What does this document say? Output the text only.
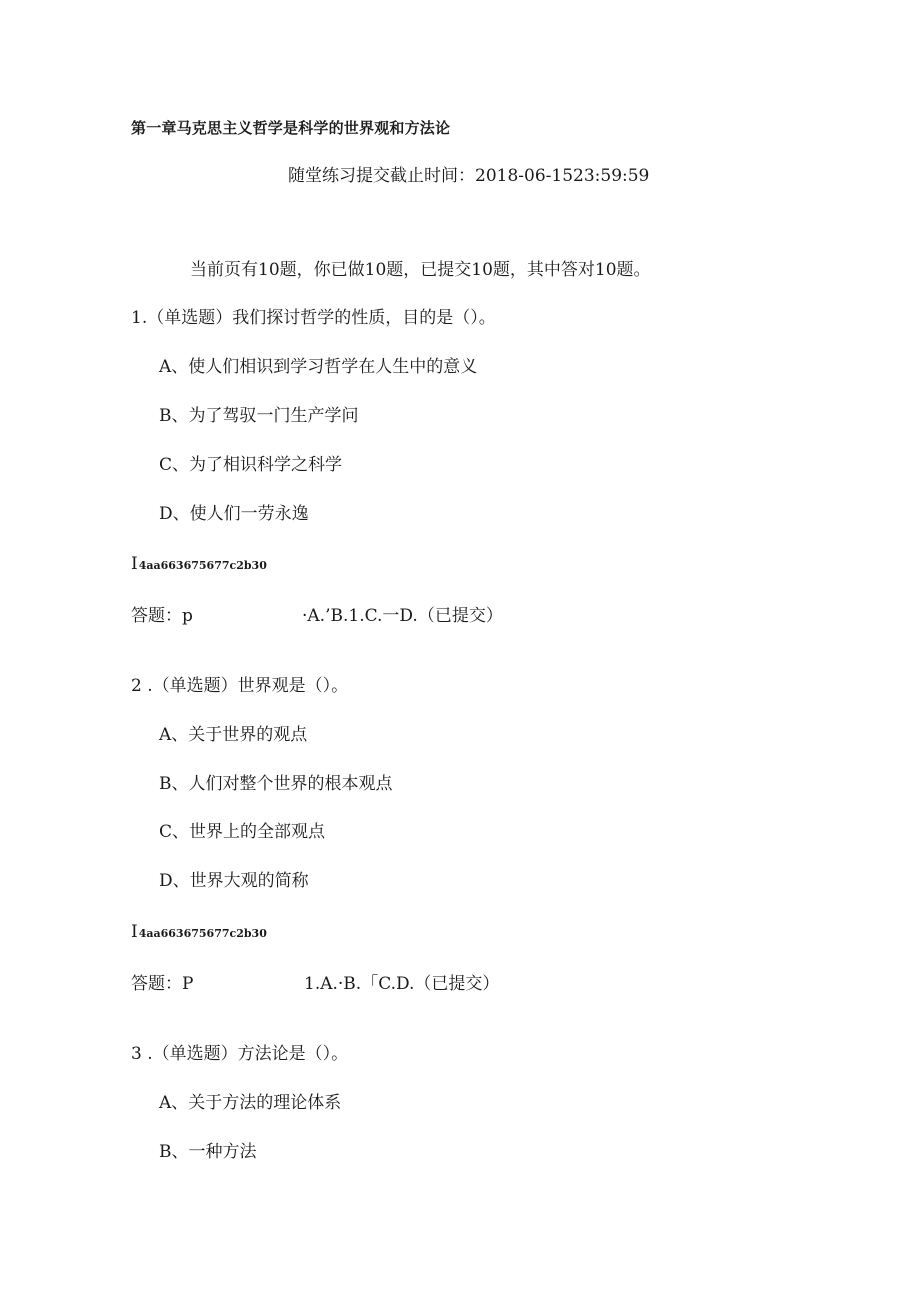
第一章马克思主义哲学是科学的世界观和方法论
随堂练习提交截止时间：2018-06-1523:59:59
当前页有10题，你已做10题，已提交10题，其中答对10题。
1.（单选题）我们探讨哲学的性质，目的是（）。
A、使人们相识到学习哲学在人生中的意义
B、为了驾驭一门生产学问
C、为了相识科学之科学
D、使人们一劳永逸
I4aa663675677c2b30
答题：p	·A.’B.1.C.一D.（已提交）
2 .（单选题）世界观是（）。
A、关于世界的观点
B、人们对整个世界的根本观点
C、世界上的全部观点
D、世界大观的简称
I4aa663675677c2b30
答题：P	1.A.·B.「C.D.（已提交）
3 .（单选题）方法论是（）。
A、关于方法的理论体系
B、一种方法
